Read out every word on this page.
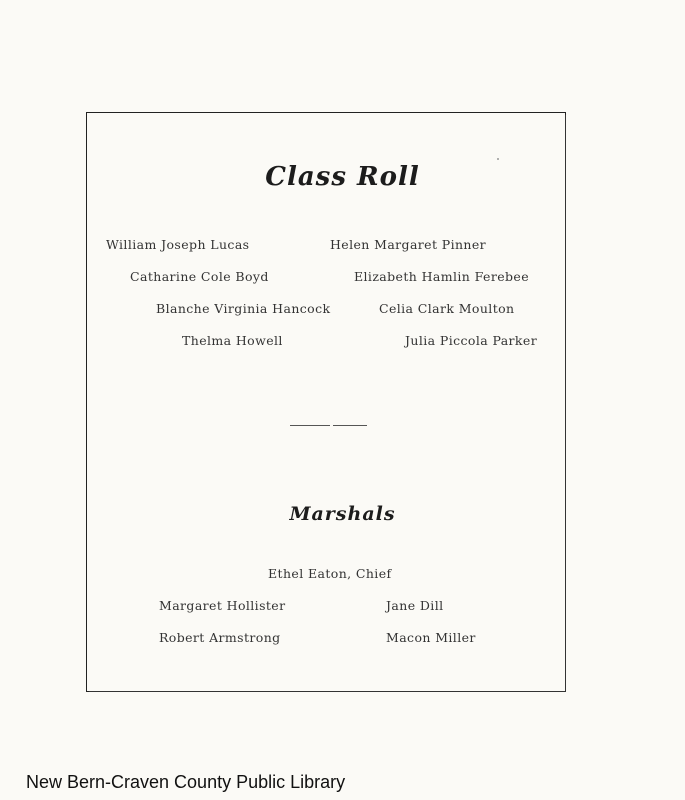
Class Roll
William Joseph Lucas
Catharine Cole Boyd
Blanche Virginia Hancock
Thelma Howell
Helen Margaret Pinner
Elizabeth Hamlin Ferebee
Celia Clark Moulton
Julia Piccola Parker
Marshals
Ethel Eaton, Chief
Margaret Hollister
Robert Armstrong
Jane Dill
Macon Miller
New Bern-Craven County Public Library
